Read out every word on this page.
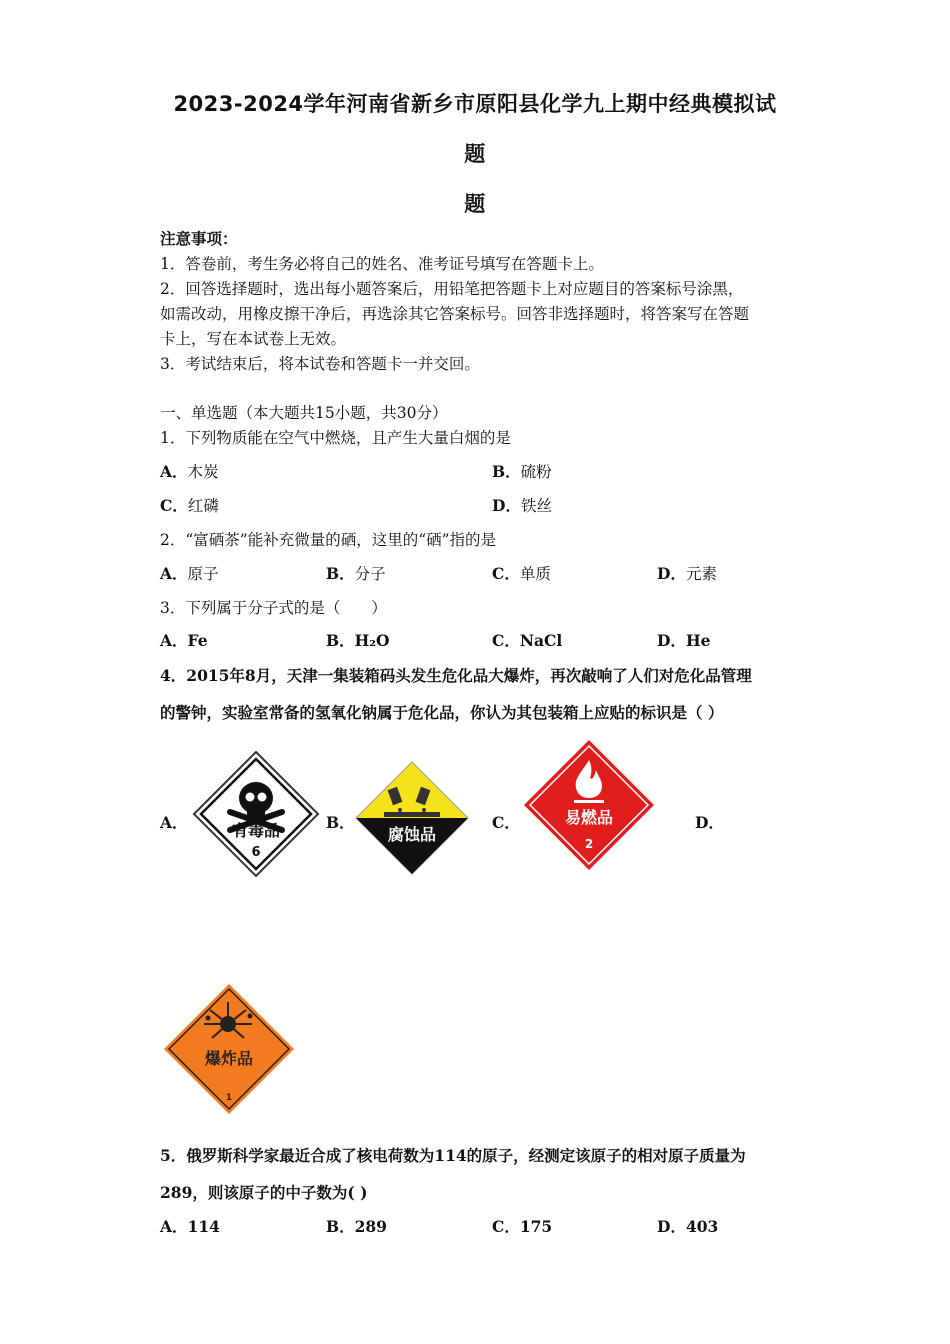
2023-2024学年河南省新乡市原阳县化学九上期中经典模拟试
题
题
注意事项：
1．答卷前，考生务必将自己的姓名、准考证号填写在答题卡上。
2．回答选择题时，选出每小题答案后，用铅笔把答题卡上对应题目的答案标号涂黑，
如需改动，用橡皮擦干净后，再选涂其它答案标号。回答非选择题时，将答案写在答题
卡上，写在本试卷上无效。
3．考试结束后，将本试卷和答题卡一并交回。
一、单选题（本大题共15小题，共30分）
1．下列物质能在空气中燃烧，且产生大量白烟的是
A．木炭	B．硫粉
C．红磷	D．铁丝
2．“富硒茶”能补充微量的硒，这里的“硒”指的是
A．原子	B．分子	C．单质	D．元素
3．下列属于分子式的是（　　）
A．Fe	B．H₂O	C．NaCl	D．He
4．2015年8月，天津一集装箱码头发生危化品大爆炸，再次敲响了人们对危化品管理
的警钟，实验室常备的氢氧化钠属于危化品，你认为其包装箱上应贴的标识是（ ）
A．	有毒品
6
B．
腐蚀品
C．	易燃品
2
D．
爆炸品
1
5．俄罗斯科学家最近合成了核电荷数为114的原子，经测定该原子的相对原子质量为
289，则该原子的中子数为( )
A．114	B．289	C．175	D．403
